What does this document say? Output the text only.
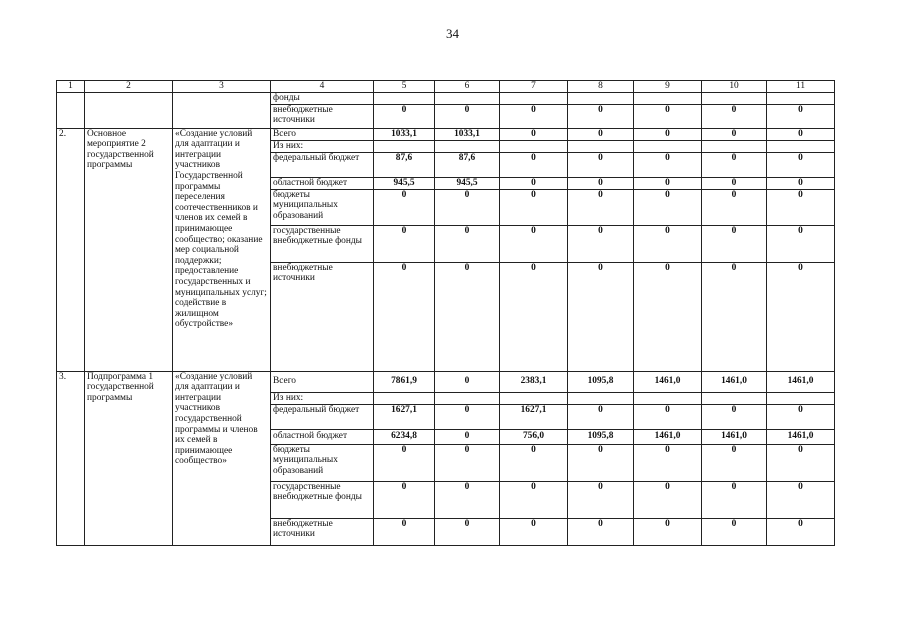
34
1	2	3	4	5	6	7	8	9	10	11
			фонды							
			внебюджетные источники	0	0	0	0	0	0	0
2.	Основное мероприятие 2 государственной программы	«Создание условий для адаптации и интеграции участников Государственной программы переселения соотечественников и членов их семей в принимающее сообщество; оказание мер социальной поддержки; предоставление государственных и муниципальных услуг; содействие в жилищном обустройстве»	Всего	1033,1	1033,1	0	0	0	0	0
			Из них:							
			федеральный бюджет	87,6	87,6	0	0	0	0	0
			областной бюджет	945,5	945,5	0	0	0	0	0
			бюджеты муниципальных образований	0	0	0	0	0	0	0
			государственные внебюджетные фонды	0	0	0	0	0	0	0
			внебюджетные источники	0	0	0	0	0	0	0
3.	Подпрограмма 1 государственной программы	«Создание условий для адаптации и интеграции участников государственной программы и членов их семей в принимающее сообщество»	Всего	7861,9	0	2383,1	1095,8	1461,0	1461,0	1461,0
			Из них:							
			федеральный бюджет	1627,1	0	1627,1	0	0	0	0
			областной бюджет	6234,8	0	756,0	1095,8	1461,0	1461,0	1461,0
			бюджеты муниципальных образований	0	0	0	0	0	0	0
			государственные внебюджетные фонды	0	0	0	0	0	0	0
			внебюджетные источники	0	0	0	0	0	0	0
